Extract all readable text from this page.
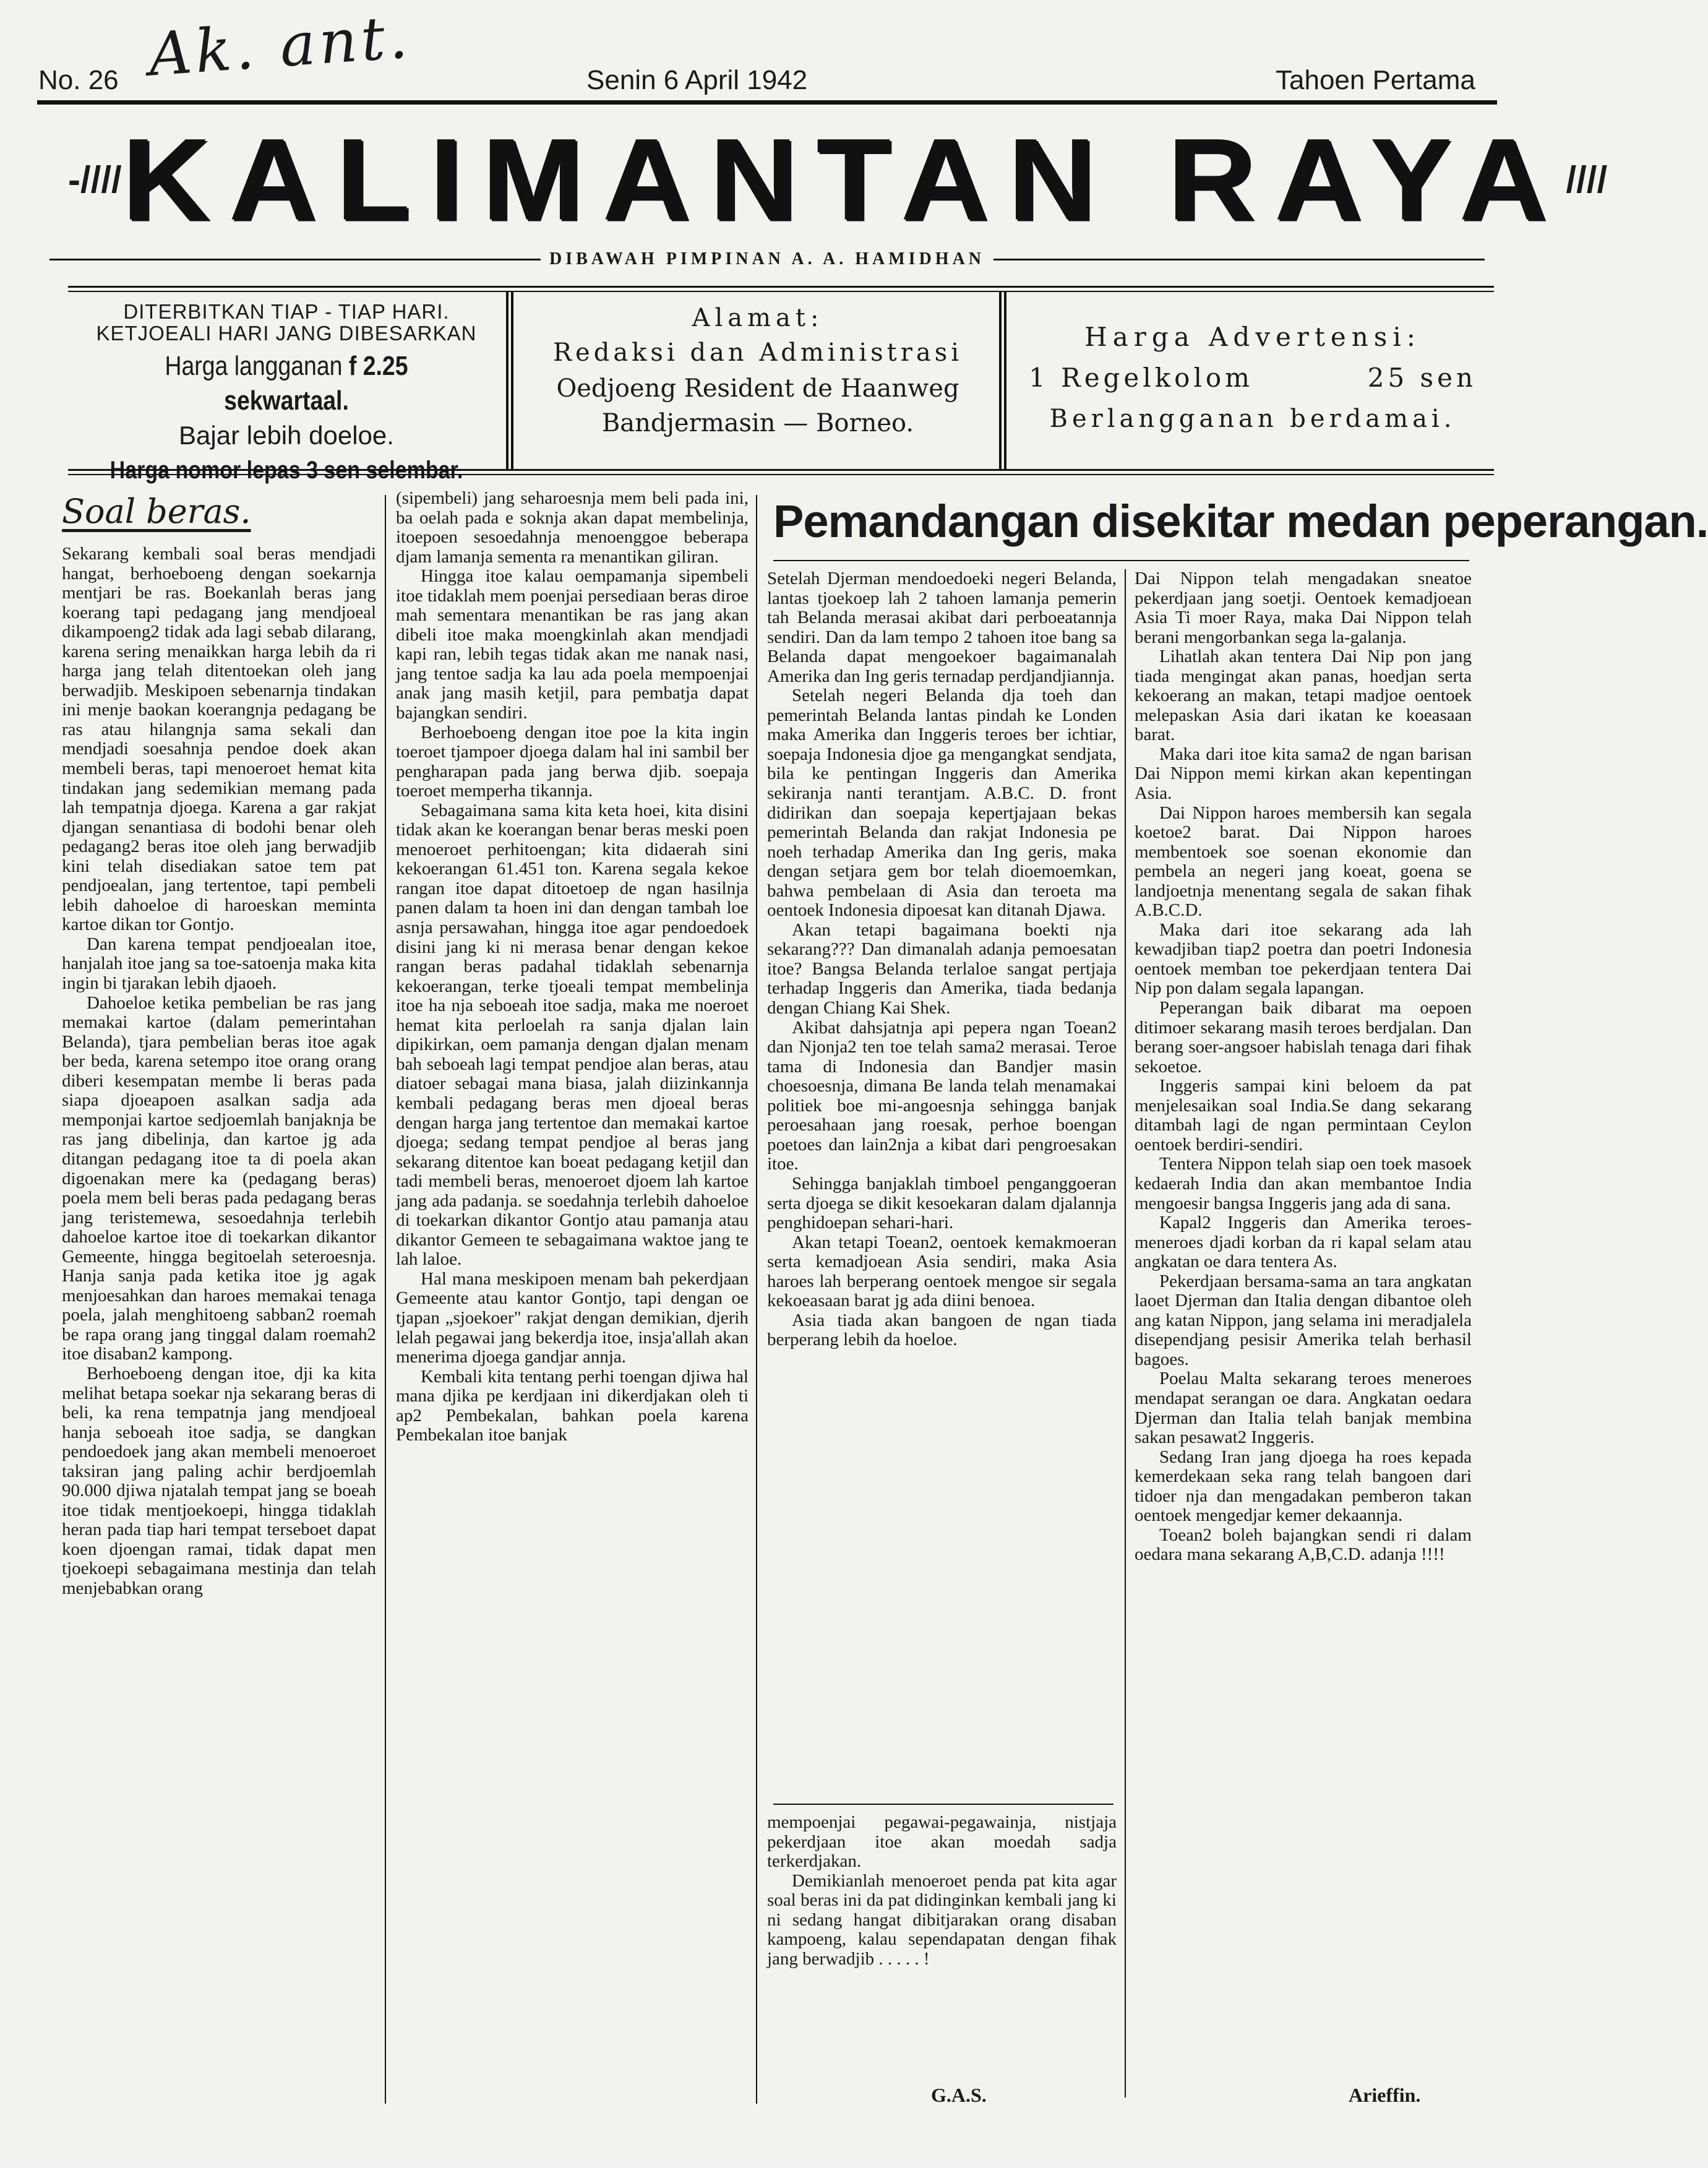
Ak. ant.
No. 26	Senin 6 April 1942	Tahoen Pertama
-//// KALIMANTAN RAYA ////
DIBAWAH PIMPINAN A. A. HAMIDHAN
DITERBITKAN TIAP - TIAP HARI.
KETJOEALI HARI JANG DIBESARKAN
Harga langganan f 2.25 sekwartaal.
Bajar lebih doeloe.
Alamat:
Redaksi dan Administrasi
Oedjoeng Resident de Haanweg
Bandjermasin — Borneo.
Harga Advertensi:
1 Regelkolom	25 sen
Berlangganan berdamai.
Soal beras.

Sekarang kembali soal beras mendjadi hangat, berhoeboeng dengan soekarnja mentjari be ras. Boekanlah beras jang koerang tapi pedagang jang mendjoeal dikampoeng2 tidak ada lagi sebab dilarang, karena sering menaikkan harga lebih da ri harga jang telah ditentoekan oleh jang berwadjib. Meskipoen sebenarnja tindakan ini menje baokan koerangnja pedagang be ras atau hilangnja sama sekali dan mendjadi soesahnja pendoe doek akan membeli beras, tapi menoeroet hemat kita tindakan jang sedemikian memang pada lah tempatnja djoega. Karena a gar rakjat djangan senantiasa di bodohi benar oleh pedagang2 beras itoe oleh jang berwadjib kini telah disediakan satoe tem pat pendjoealan, jang tertentoe, tapi pembeli lebih dahoeloe di haroeskan meminta kartoe dikan tor Gontjo.

Dan karena tempat pendjoealan itoe, hanjalah itoe jang sa toe-satoenja maka kita ingin bi tjarakan lebih djaoeh.

Dahoeloe ketika pembelian be ras jang memakai kartoe (dalam pemerintahan Belanda), tjara pembelian beras itoe agak ber beda, karena setempo itoe orang orang diberi kesempatan membe li beras pada siapa djoeapoen asalkan sadja ada memponjai kartoe sedjoemlah banjaknja be ras jang dibelinja, dan kartoe jg ada ditangan pedagang itoe ta di poela akan digoenakan mere ka (pedagang beras) poela mem beli beras pada pedagang beras jang teristemewa, sesoedahnja terlebih dahoeloe kartoe itoe di toekarkan dikantor Gemeente, hingga begitoelah seteroesnja. Hanja sanja pada ketika itoe jg agak menjoesahkan dan haroes memakai tenaga poela, jalah menghitoeng sabban2 roemah be rapa orang jang tinggal dalam roemah2 itoe disaban2 kampong.

Berhoeboeng dengan itoe, dji ka kita melihat betapa soekar nja sekarang beras di beli, ka rena tempatnja jang mendjoeal hanja seboeah itoe sadja, se dangkan pendoedoek jang akan membeli menoeroet taksiran jang paling achir berdjoemlah 90.000 djiwa njatalah tempat jang se boeah itoe tidak mentjoekoepi, hingga tidaklah heran pada tiap hari tempat terseboet dapat koen djoengan ramai, tidak dapat men tjoekoepi sebagaimana mestinja dan telah menjebabkan orang

(sipembeli) jang seharoesnja mem beli pada ini, ba oelah pada e soknja akan dapat membelinja, itoepoen sesoedahnja menoenggoe beberapa djam lamanja sementa ra menantikan giliran.

Hingga itoe kalau oempamanja sipembeli itoe tidaklah mem poenjai persediaan beras diroe mah sementara menantikan be ras jang akan dibeli itoe maka moengkinlah akan mendjadi kapi ran, lebih tegas tidak akan me nanak nasi, jang tentoe sadja ka lau ada poela mempoenjai anak jang masih ketjil, para pembatja dapat bajangkan sendiri.

Berhoeboeng dengan itoe poe la kita ingin toeroet tjampoer djoega dalam hal ini sambil ber pengharapan pada jang berwa djib. soepaja toeroet memperha tikannja.

Sebagaimana sama kita keta hoei, kita disini tidak akan ke koerangan benar beras meski poen menoeroet perhitoengan; kita didaerah sini kekoerangan 61.451 ton. Karena segala kekoe rangan itoe dapat ditoetoep de ngan hasilnja panen dalam ta hoen ini dan dengan tambah loe asnja persawahan, hingga itoe agar pendoedoek disini jang ki ni merasa benar dengan kekoe rangan beras padahal tidaklah sebenarnja kekoerangan, terke tjoeali tempat membelinja itoe ha nja seboeah itoe sadja, maka me noeroet hemat kita perloelah ra sanja djalan lain dipikirkan, oem pamanja dengan djalan menam bah seboeah lagi tempat pendjoe alan beras, atau diatoer sebagai mana biasa, jalah diizinkannja kembali pedagang beras men djoeal beras dengan harga jang tertentoe dan memakai kartoe djoega; sedang tempat pendjoe al beras jang sekarang ditentoe kan boeat pedagang ketjil dan tadi membeli beras, menoeroet djoem lah kartoe jang ada padanja. se soedahnja terlebih dahoeloe di toekarkan dikantor Gontjo atau pamanja atau dikantor Gemeen te sebagaimana waktoe jang te lah laloe.

Hal mana meskipoen menam bah pekerdjaan Gemeente atau kantor Gontjo, tapi dengan oe tjapan „sjoekoer" rakjat dengan demikian, djerih lelah pegawai jang bekerdja itoe, insja'allah akan menerima djoega gandjar annja.

Kembali kita tentang perhi toengan djiwa hal mana djika pe kerdjaan ini dikerdjakan oleh ti ap2 Pembekalan, bahkan poela karena Pembekalan itoe banjak

Pemandangan disekitar medan peperangan.

Setelah Djerman mendoedoeki negeri Belanda, lantas tjoekoep lah 2 tahoen lamanja pemerin tah Belanda merasai akibat dari perboeatannja sendiri. Dan da lam tempo 2 tahoen itoe bang sa Belanda dapat mengoekoer bagaimanalah Amerika dan Ing geris ternadap perdjandjiannja.

Setelah negeri Belanda dja toeh dan pemerintah Belanda lantas pindah ke Londen maka Amerika dan Inggeris teroes ber ichtiar, soepaja Indonesia djoe ga mengangkat sendjata, bila ke pentingan Inggeris dan Amerika sekiranja nanti terantjam. A.B.C. D. front didirikan dan soepaja kepertjajaan bekas pemerintah Belanda dan rakjat Indonesia pe noeh terhadap Amerika dan Ing geris, maka dengan setjara gem bor telah dioemoemkan, bahwa pembelaan di Asia dan teroeta ma oentoek Indonesia dipoesat kan ditanah Djawa.

Akan tetapi bagaimana boekti nja sekarang??? Dan dimanalah adanja pemoesatan itoe? Bangsa Belanda terlaloe sangat pertjaja terhadap Inggeris dan Amerika, tiada bedanja dengan Chiang Kai Shek.

Akibat dahsjatnja api pepera ngan Toean2 dan Njonja2 ten toe telah sama2 merasai. Teroe tama di Indonesia dan Bandjer masin choesoesnja, dimana Be landa telah menamakai politiek boe mi-angoesnja sehingga banjak peroesahaan jang roesak, perhoe boengan poetoes dan lain2nja a kibat dari pengroesakan itoe.

Sehingga banjaklah timboel penganggoeran serta djoega se dikit kesoekaran dalam djalannja penghidoepan sehari-hari.

Akan tetapi Toean2, oentoek kemakmoeran serta kemadjoean Asia sendiri, maka Asia haroes lah berperang oentoek mengoe sir segala kekoeasaan barat jg ada diini benoea.

Asia tiada akan bangoen de ngan tiada berperang lebih da hoeloe.

mempoenjai pegawai-pegawainja, nistjaja pekerdjaan itoe akan moedah sadja terkerdjakan.

Demikianlah menoeroet penda pat kita agar soal beras ini da pat didinginkan kembali jang ki ni sedang hangat dibitjarakan orang disaban kampoeng, kalau sependapatan dengan fihak jang berwadjib . . . . . !

G.A.S.

Dai Nippon telah mengadakan sneatoe pekerdjaan jang soetji. Oentoek kemadjoean Asia Ti moer Raya, maka Dai Nippon telah berani mengorbankan sega la-galanja.

Lihatlah akan tentera Dai Nip pon jang tiada mengingat akan panas, hoedjan serta kekoerang an makan, tetapi madjoe oentoek melepaskan Asia dari ikatan ke koeasaan barat.

Maka dari itoe kita sama2 de ngan barisan Dai Nippon memi kirkan akan kepentingan Asia.

Dai Nippon haroes membersih kan segala koetoe2 barat. Dai Nippon haroes membentoek soe soenan ekonomie dan pembela an negeri jang koeat, goena se landjoetnja menentang segala de sakan fihak A.B.C.D.

Maka dari itoe sekarang ada lah kewadjiban tiap2 poetra dan poetri Indonesia oentoek memban toe pekerdjaan tentera Dai Nip pon dalam segala lapangan.

Peperangan baik dibarat ma oepoen ditimoer sekarang masih teroes berdjalan. Dan berang soer-angsoer habislah tenaga dari fihak sekoetoe.

Inggeris sampai kini beloem da pat menjelesaikan soal India.Se dang sekarang ditambah lagi de ngan permintaan Ceylon oentoek berdiri-sendiri.

Tentera Nippon telah siap oen toek masoek kedaerah India dan akan membantoe India mengoesir bangsa Inggeris jang ada di sana.

Kapal2 Inggeris dan Amerika teroes-meneroes djadi korban da ri kapal selam atau angkatan oe dara tentera As.

Pekerdjaan bersama-sama an tara angkatan laoet Djerman dan Italia dengan dibantoe oleh ang katan Nippon, jang selama ini meradjalela disependjang pesisir Amerika telah berhasil bagoes.

Poelau Malta sekarang teroes meneroes mendapat serangan oe dara. Angkatan oedara Djerman dan Italia telah banjak membina sakan pesawat2 Inggeris.

Sedang Iran jang djoega ha roes kepada kemerdekaan seka rang telah bangoen dari tidoer nja dan mengadakan pemberon takan oentoek mengedjar kemer dekaannja.

Toean2 boleh bajangkan sendi ri dalam oedara mana sekarang A,B,C.D. adanja !!!!

Arieffin.
